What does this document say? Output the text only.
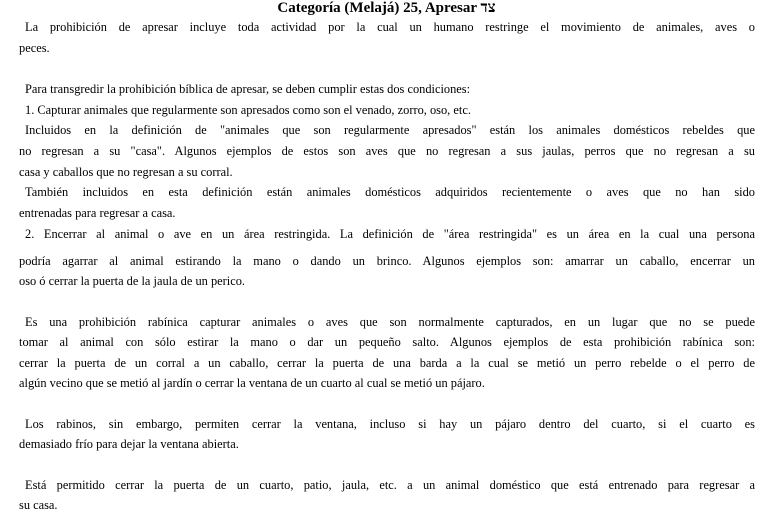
Categoría (Melajá) 25, Apresar צד
La prohibición de apresar incluye toda actividad por la cual un humano restringe el movimiento de animales, aves o
peces.
Para transgredir la prohibición bíblica de apresar, se deben cumplir estas dos condiciones:
1. Capturar animales que regularmente son apresados como son el venado, zorro, oso, etc.
Incluidos en la definición de "animales que son regularmente apresados" están los animales domésticos rebeldes que
no regresan a su "casa". Algunos ejemplos de estos son aves que no regresan a sus jaulas, perros que no regresan a su
casa y caballos que no regresan a su corral.
También incluidos en esta definición están animales domésticos adquiridos recientemente o aves que no han sido
entrenadas para regresar a casa.
2. Encerrar al animal o ave en un área restringida. La definición de "área restringida" es un área en la cual una persona
podría agarrar al animal estirando la mano o dando un brinco. Algunos ejemplos son: amarrar un caballo, encerrar un
oso ó cerrar la puerta de la jaula de un perico.
Es una prohibición rabínica capturar animales o aves que son normalmente capturados, en un lugar que no se puede
tomar al animal con sólo estirar la mano o dar un pequeño salto. Algunos ejemplos de esta prohibición rabínica son:
cerrar la puerta de un corral a un caballo, cerrar la puerta de una barda a la cual se metió un perro rebelde o el perro de
algún vecino que se metió al jardín o cerrar la ventana de un cuarto al cual se metió un pájaro.
Los rabinos, sin embargo, permiten cerrar la ventana, incluso si hay un pájaro dentro del cuarto, si el cuarto es
demasiado frío para dejar la ventana abierta.
Está permitido cerrar la puerta de un cuarto, patio, jaula, etc. a un animal doméstico que está entrenado para regresar a
su casa.
